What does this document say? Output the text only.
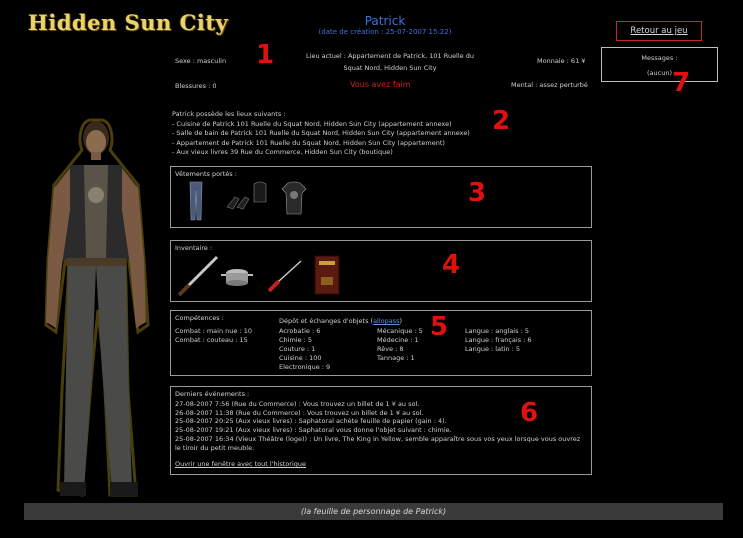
Hidden Sun City	Patrick
(date de création : 25-07-2007 15:22)	Retour au jeu
Messages :
(aucun)
Sexe : masculin
Blessures : 0
Lieu actuel : Appartement de Patrick, 101 Ruelle du
Squat Nord, Hidden Sun City
Vous avez faim
Monnaie : 61 ¥
Mental : assez perturbé
1
Patrick possède les lieux suivants :
- Cuisine de Patrick 101 Ruelle du Squat Nord, Hidden Sun City (appartement annexe)
- Salle de bain de Patrick 101 Ruelle du Squat Nord, Hidden Sun City (appartement annexe)
- Appartement de Patrick 101 Ruelle du Squat Nord, Hidden Sun City (appartement)
- Aux vieux livres 39 Rue du Commerce, Hidden Sun City (boutique)
2
Vêtements portés :
3
Inventaire :
4
Compétences :
Combat : main nue : 10
Combat : couteau : 15
Dépôt et échanges d'objets (allopass)
Acrobatie : 6
Chimie : 5
Couture : 1
Cuisine : 100
Electronique : 9
Mécanique : 5
Médecine : 1
Rêve : 8
Tannage : 1
Langue : anglais : 5
Langue : français : 6
Langue : latin : 5
5
Derniers événements :
27-08-2007 7:56 (Rue du Commerce) : Vous trouvez un billet de 1 ¥ au sol.
26-08-2007 11:38 (Rue du Commerce) : Vous trouvez un billet de 1 ¥ au sol.
25-08-2007 20:25 (Aux vieux livres) : Saphatoral achète feuille de papier (gain : 4).
25-08-2007 19:21 (Aux vieux livres) : Saphatoral vous donne l'objet suivant : chimie.
25-08-2007 16:34 (Vieux Théâtre (loge)) : Un livre, The King in Yellow, semble apparaître sous vos yeux lorsque vous ouvrez
le tiroir du petit meuble.
Ouvrir une fenêtre avec tout l'historique
6
7
(la feuille de personnage de Patrick)
